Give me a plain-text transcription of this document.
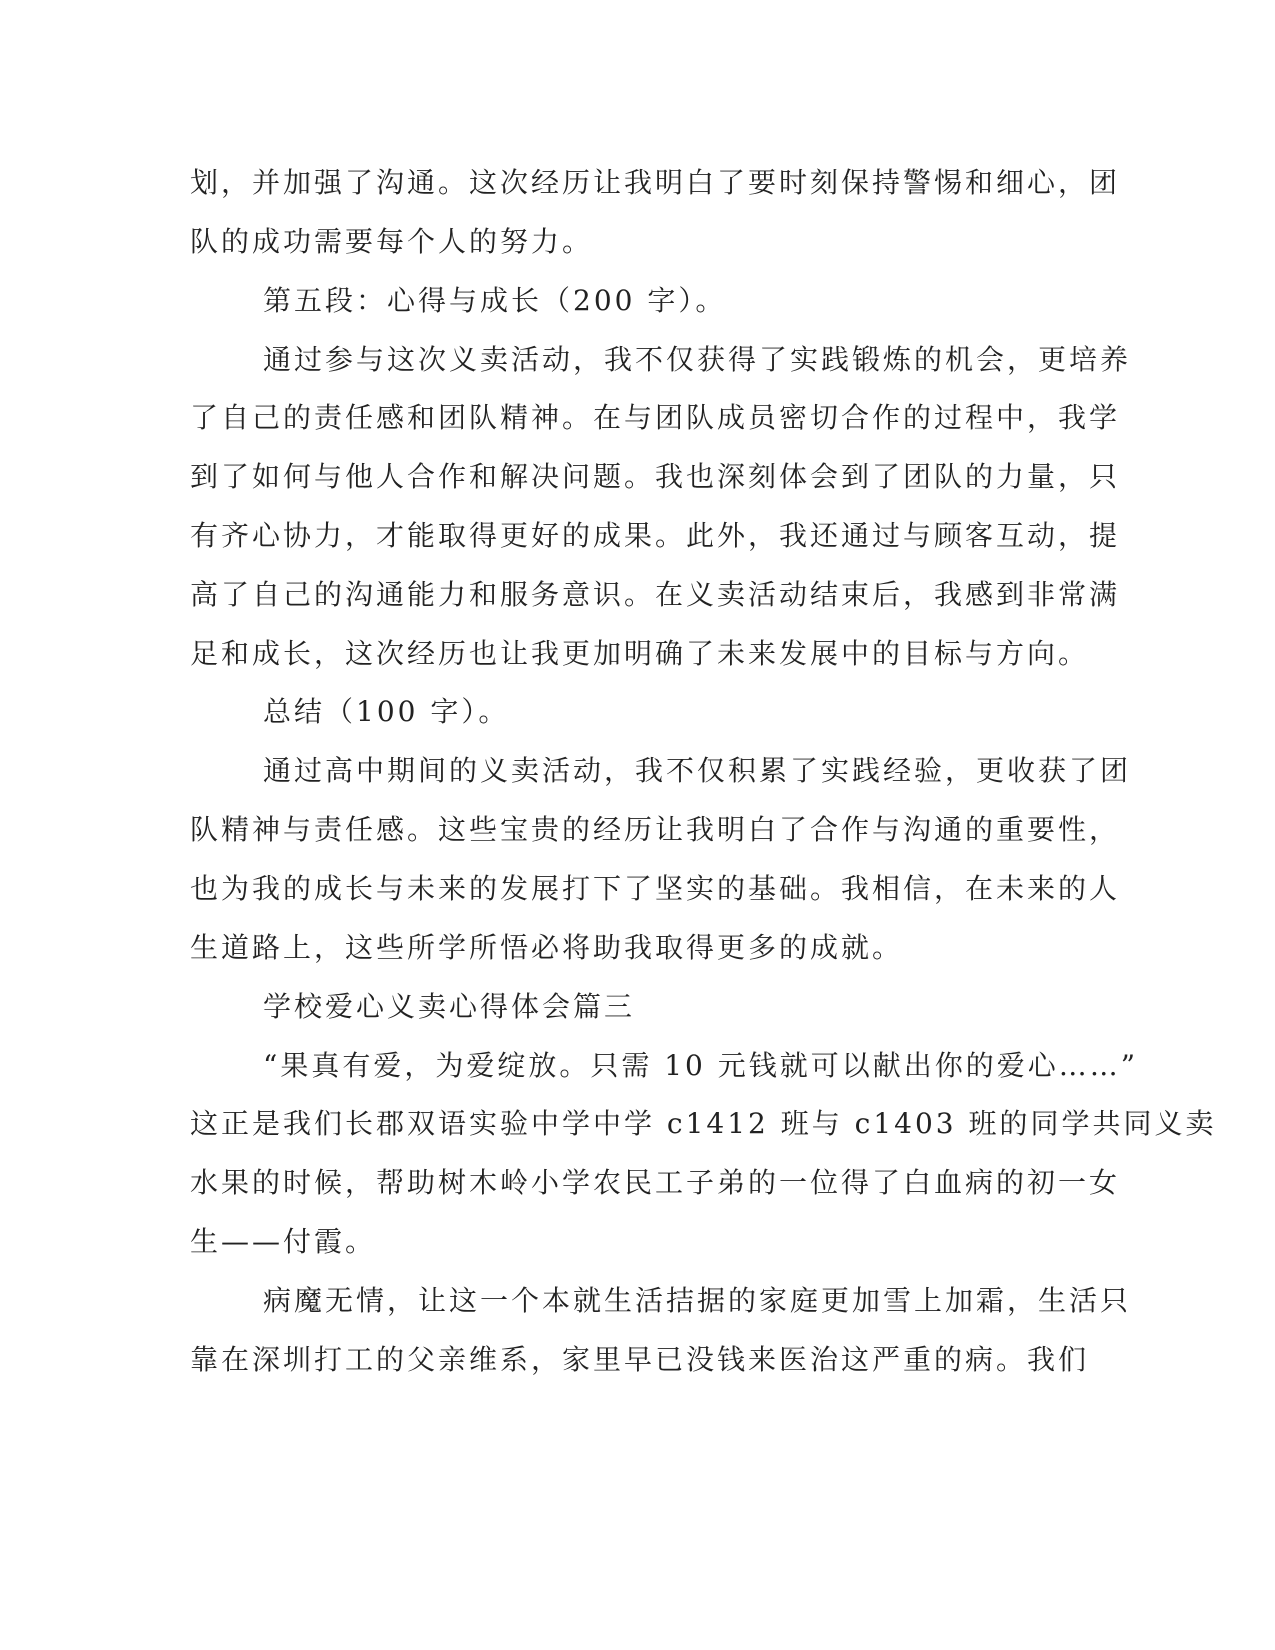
划，并加强了沟通。这次经历让我明白了要时刻保持警惕和细心，团
队的成功需要每个人的努力。
第五段：心得与成长（200 字）。
通过参与这次义卖活动，我不仅获得了实践锻炼的机会，更培养
了自己的责任感和团队精神。在与团队成员密切合作的过程中，我学
到了如何与他人合作和解决问题。我也深刻体会到了团队的力量，只
有齐心协力，才能取得更好的成果。此外，我还通过与顾客互动，提
高了自己的沟通能力和服务意识。在义卖活动结束后，我感到非常满
足和成长，这次经历也让我更加明确了未来发展中的目标与方向。
总结（100 字）。
通过高中期间的义卖活动，我不仅积累了实践经验，更收获了团
队精神与责任感。这些宝贵的经历让我明白了合作与沟通的重要性，
也为我的成长与未来的发展打下了坚实的基础。我相信，在未来的人
生道路上，这些所学所悟必将助我取得更多的成就。
学校爱心义卖心得体会篇三
“果真有爱，为爱绽放。只需 10 元钱就可以献出你的爱心……”
这正是我们长郡双语实验中学中学 c1412 班与 c1403 班的同学共同义卖
水果的时候，帮助树木岭小学农民工子弟的一位得了白血病的初一女
生——付霞。
病魔无情，让这一个本就生活拮据的家庭更加雪上加霜，生活只
靠在深圳打工的父亲维系，家里早已没钱来医治这严重的病。我们
